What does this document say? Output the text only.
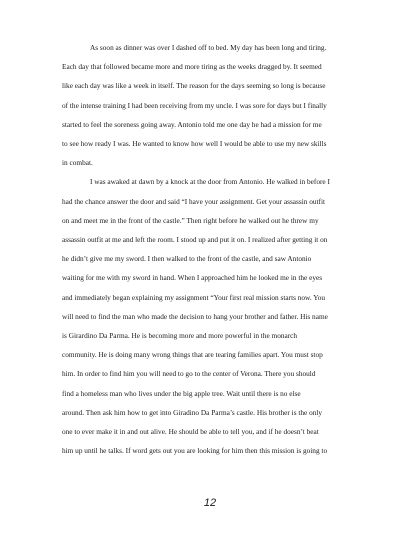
As soon as dinner was over I dashed off to bed. My day has been long and tiring.
Each day that followed became more and more tiring as the weeks dragged by. It seemed
like each day was like a week in itself. The reason for the days seeming so long is because
of the intense training I had been receiving from my uncle. I was sore for days but I finally
started to feel the soreness going away. Antonio told me one day he had a mission for me
to see how ready I was. He wanted to know how well I would be able to use my new skills
in combat.
I was awaked at dawn by a knock at the door from Antonio. He walked in before I
had the chance answer the door and said “I have your assignment. Get your assassin outfit
on and meet me in the front of the castle.” Then right before he walked out he threw my
assassin outfit at me and left the room. I stood up and put it on. I realized after getting it on
he didn’t give me my sword. I then walked to the front of the castle, and saw Antonio
waiting for me with my sword in hand. When I approached him he looked me in the eyes
and immediately began explaining my assignment “Your first real mission starts now. You
will need to find the man who made the decision to hang your brother and father. His name
is Girardino Da Parma. He is becoming more and more powerful in the monarch
community. He is doing many wrong things that are tearing families apart. You must stop
him. In order to find him you will need to go to the center of Verona. There you should
find a homeless man who lives under the big apple tree. Wait until there is no else
around. Then ask him how to get into Giradino Da Parma’s castle. His brother is the only
one to ever make it in and out alive. He should be able to tell you, and if he doesn’t beat
him up until he talks. If word gets out you are looking for him then this mission is going to
12
